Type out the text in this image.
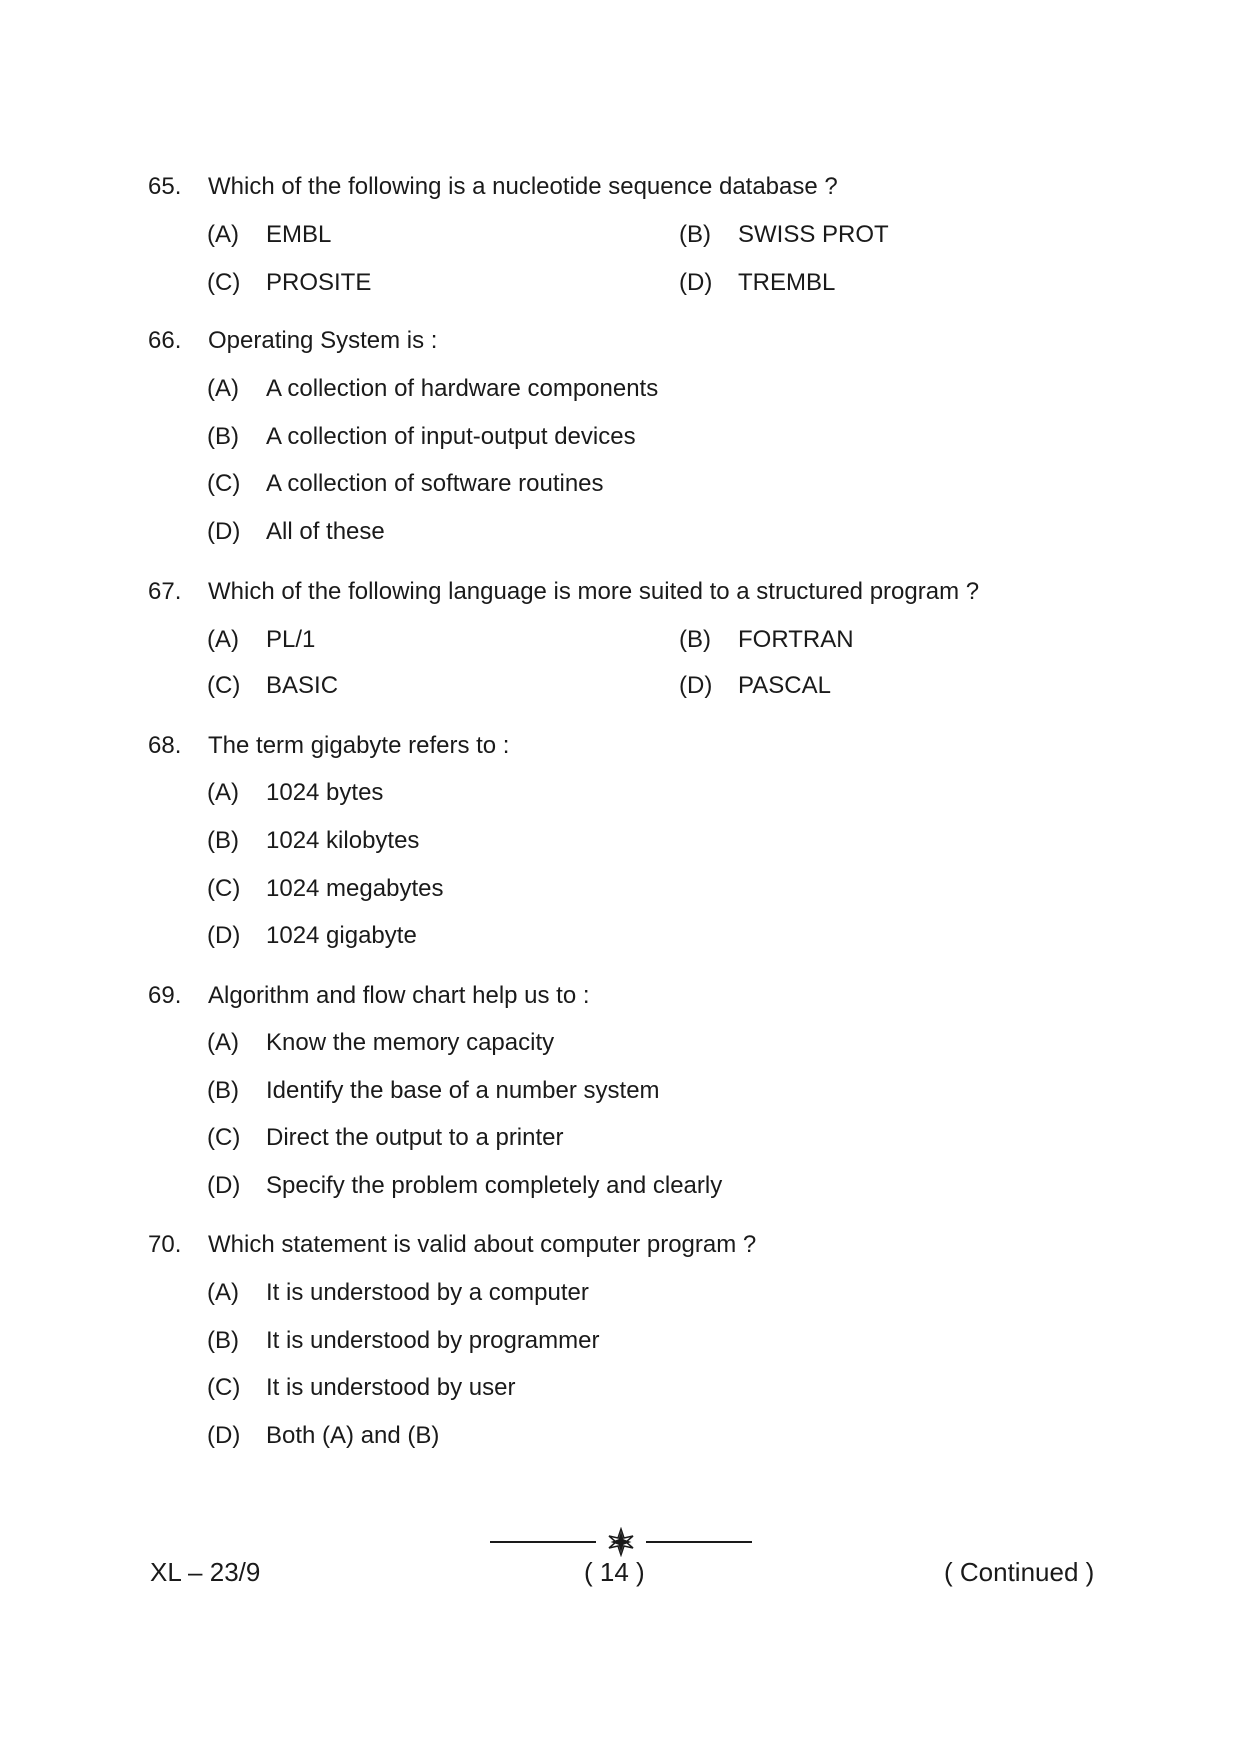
65. Which of the following is a nucleotide sequence database ?
(A) EMBL	(B) SWISS PROT
(C) PROSITE	(D) TREMBL
66. Operating System is :
(A) A collection of hardware components
(B) A collection of input-output devices
(C) A collection of software routines
(D) All of these
67. Which of the following language is more suited to a structured program ?
(A) PL/1	(B) FORTRAN
(C) BASIC	(D) PASCAL
68. The term gigabyte refers to :
(A) 1024 bytes
(B) 1024 kilobytes
(C) 1024 megabytes
(D) 1024 gigabyte
69. Algorithm and flow chart help us to :
(A) Know the memory capacity
(B) Identify the base of a number system
(C) Direct the output to a printer
(D) Specify the problem completely and clearly
70. Which statement is valid about computer program ?
(A) It is understood by a computer
(B) It is understood by programmer
(C) It is understood by user
(D) Both (A) and (B)
XL – 23/9	( 14 )	( Continued )
